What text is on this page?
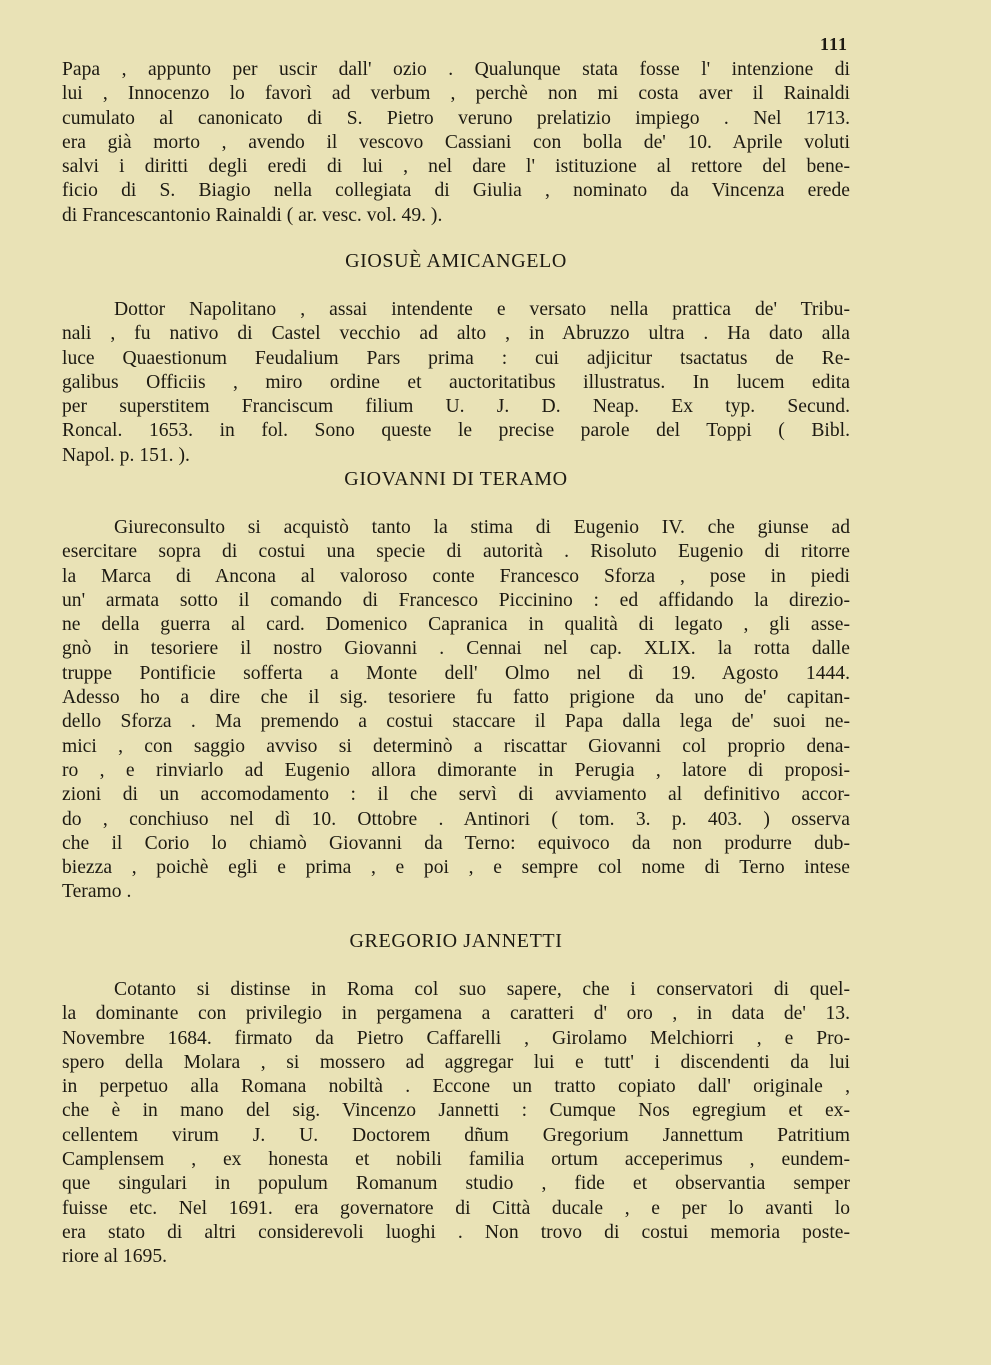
111
Papa , appunto per uscir dall' ozio . Qualunque stata fosse l' intenzione di
lui , Innocenzo lo favorì ad verbum , perchè non mi costa aver il Rainaldi
cumulato al canonicato di S. Pietro veruno prelatizio impiego . Nel 1713.
era già morto , avendo il vescovo Cassiani con bolla de' 10. Aprile voluti
salvi i diritti degli eredi di lui , nel dare l' istituzione al rettore del bene-
ficio di S. Biagio nella collegiata di Giulia , nominato da Vincenza erede
di Francescantonio Rainaldi ( ar. vesc. vol. 49. ).
GIOSUÈ AMICANGELO
Dottor Napolitano , assai intendente e versato nella prattica de' Tribu-
nali , fu nativo di Castel vecchio ad alto , in Abruzzo ultra . Ha dato alla
luce Quaestionum Feudalium Pars prima : cui adjicitur tsactatus de Re-
galibus Officiis , miro ordine et auctoritatibus illustratus. In lucem edita
per superstitem Franciscum filium U. J. D. Neap. Ex typ. Secund.
Roncal. 1653. in fol. Sono queste le precise parole del Toppi ( Bibl.
Napol. p. 151. ).
GIOVANNI DI TERAMO
Giureconsulto si acquistò tanto la stima di Eugenio IV. che giunse ad
esercitare sopra di costui una specie di autorità . Risoluto Eugenio di ritorre
la Marca di Ancona al valoroso conte Francesco Sforza , pose in piedi
un' armata sotto il comando di Francesco Piccinino : ed affidando la direzio-
ne della guerra al card. Domenico Capranica in qualità di legato , gli asse-
gnò in tesoriere il nostro Giovanni . Cennai nel cap. XLIX. la rotta dalle
truppe Pontificie sofferta a Monte dell' Olmo nel dì 19. Agosto 1444.
Adesso ho a dire che il sig. tesoriere fu fatto prigione da uno de' capitan-
dello Sforza . Ma premendo a costui staccare il Papa dalla lega de' suoi ne-
mici , con saggio avviso si determinò a riscattar Giovanni col proprio dena-
ro , e rinviarlo ad Eugenio allora dimorante in Perugia , latore di proposi-
zioni di un accomodamento : il che servì di avviamento al definitivo accor-
do , conchiuso nel dì 10. Ottobre . Antinori ( tom. 3. p. 403. ) osserva
che il Corio lo chiamò Giovanni da Terno: equivoco da non produrre dub-
biezza , poichè egli e prima , e poi , e sempre col nome di Terno intese
Teramo .
GREGORIO JANNETTI
Cotanto si distinse in Roma col suo sapere, che i conservatori di quel-
la dominante con privilegio in pergamena a caratteri d' oro , in data de' 13.
Novembre 1684. firmato da Pietro Caffarelli , Girolamo Melchiorri , e Pro-
spero della Molara , si mossero ad aggregar lui e tutt' i discendenti da lui
in perpetuo alla Romana nobiltà . Eccone un tratto copiato dall' originale ,
che è in mano del sig. Vincenzo Jannetti : Cumque Nos egregium et ex-
cellentem virum J. U. Doctorem dñum Gregorium Jannettum Patritium
Camplensem , ex honesta et nobili familia ortum acceperimus , eundem-
que singulari in populum Romanum studio , fide et observantia semper
fuisse etc. Nel 1691. era governatore di Città ducale , e per lo avanti lo
era stato di altri considerevoli luoghi . Non trovo di costui memoria poste-
riore al 1695.
